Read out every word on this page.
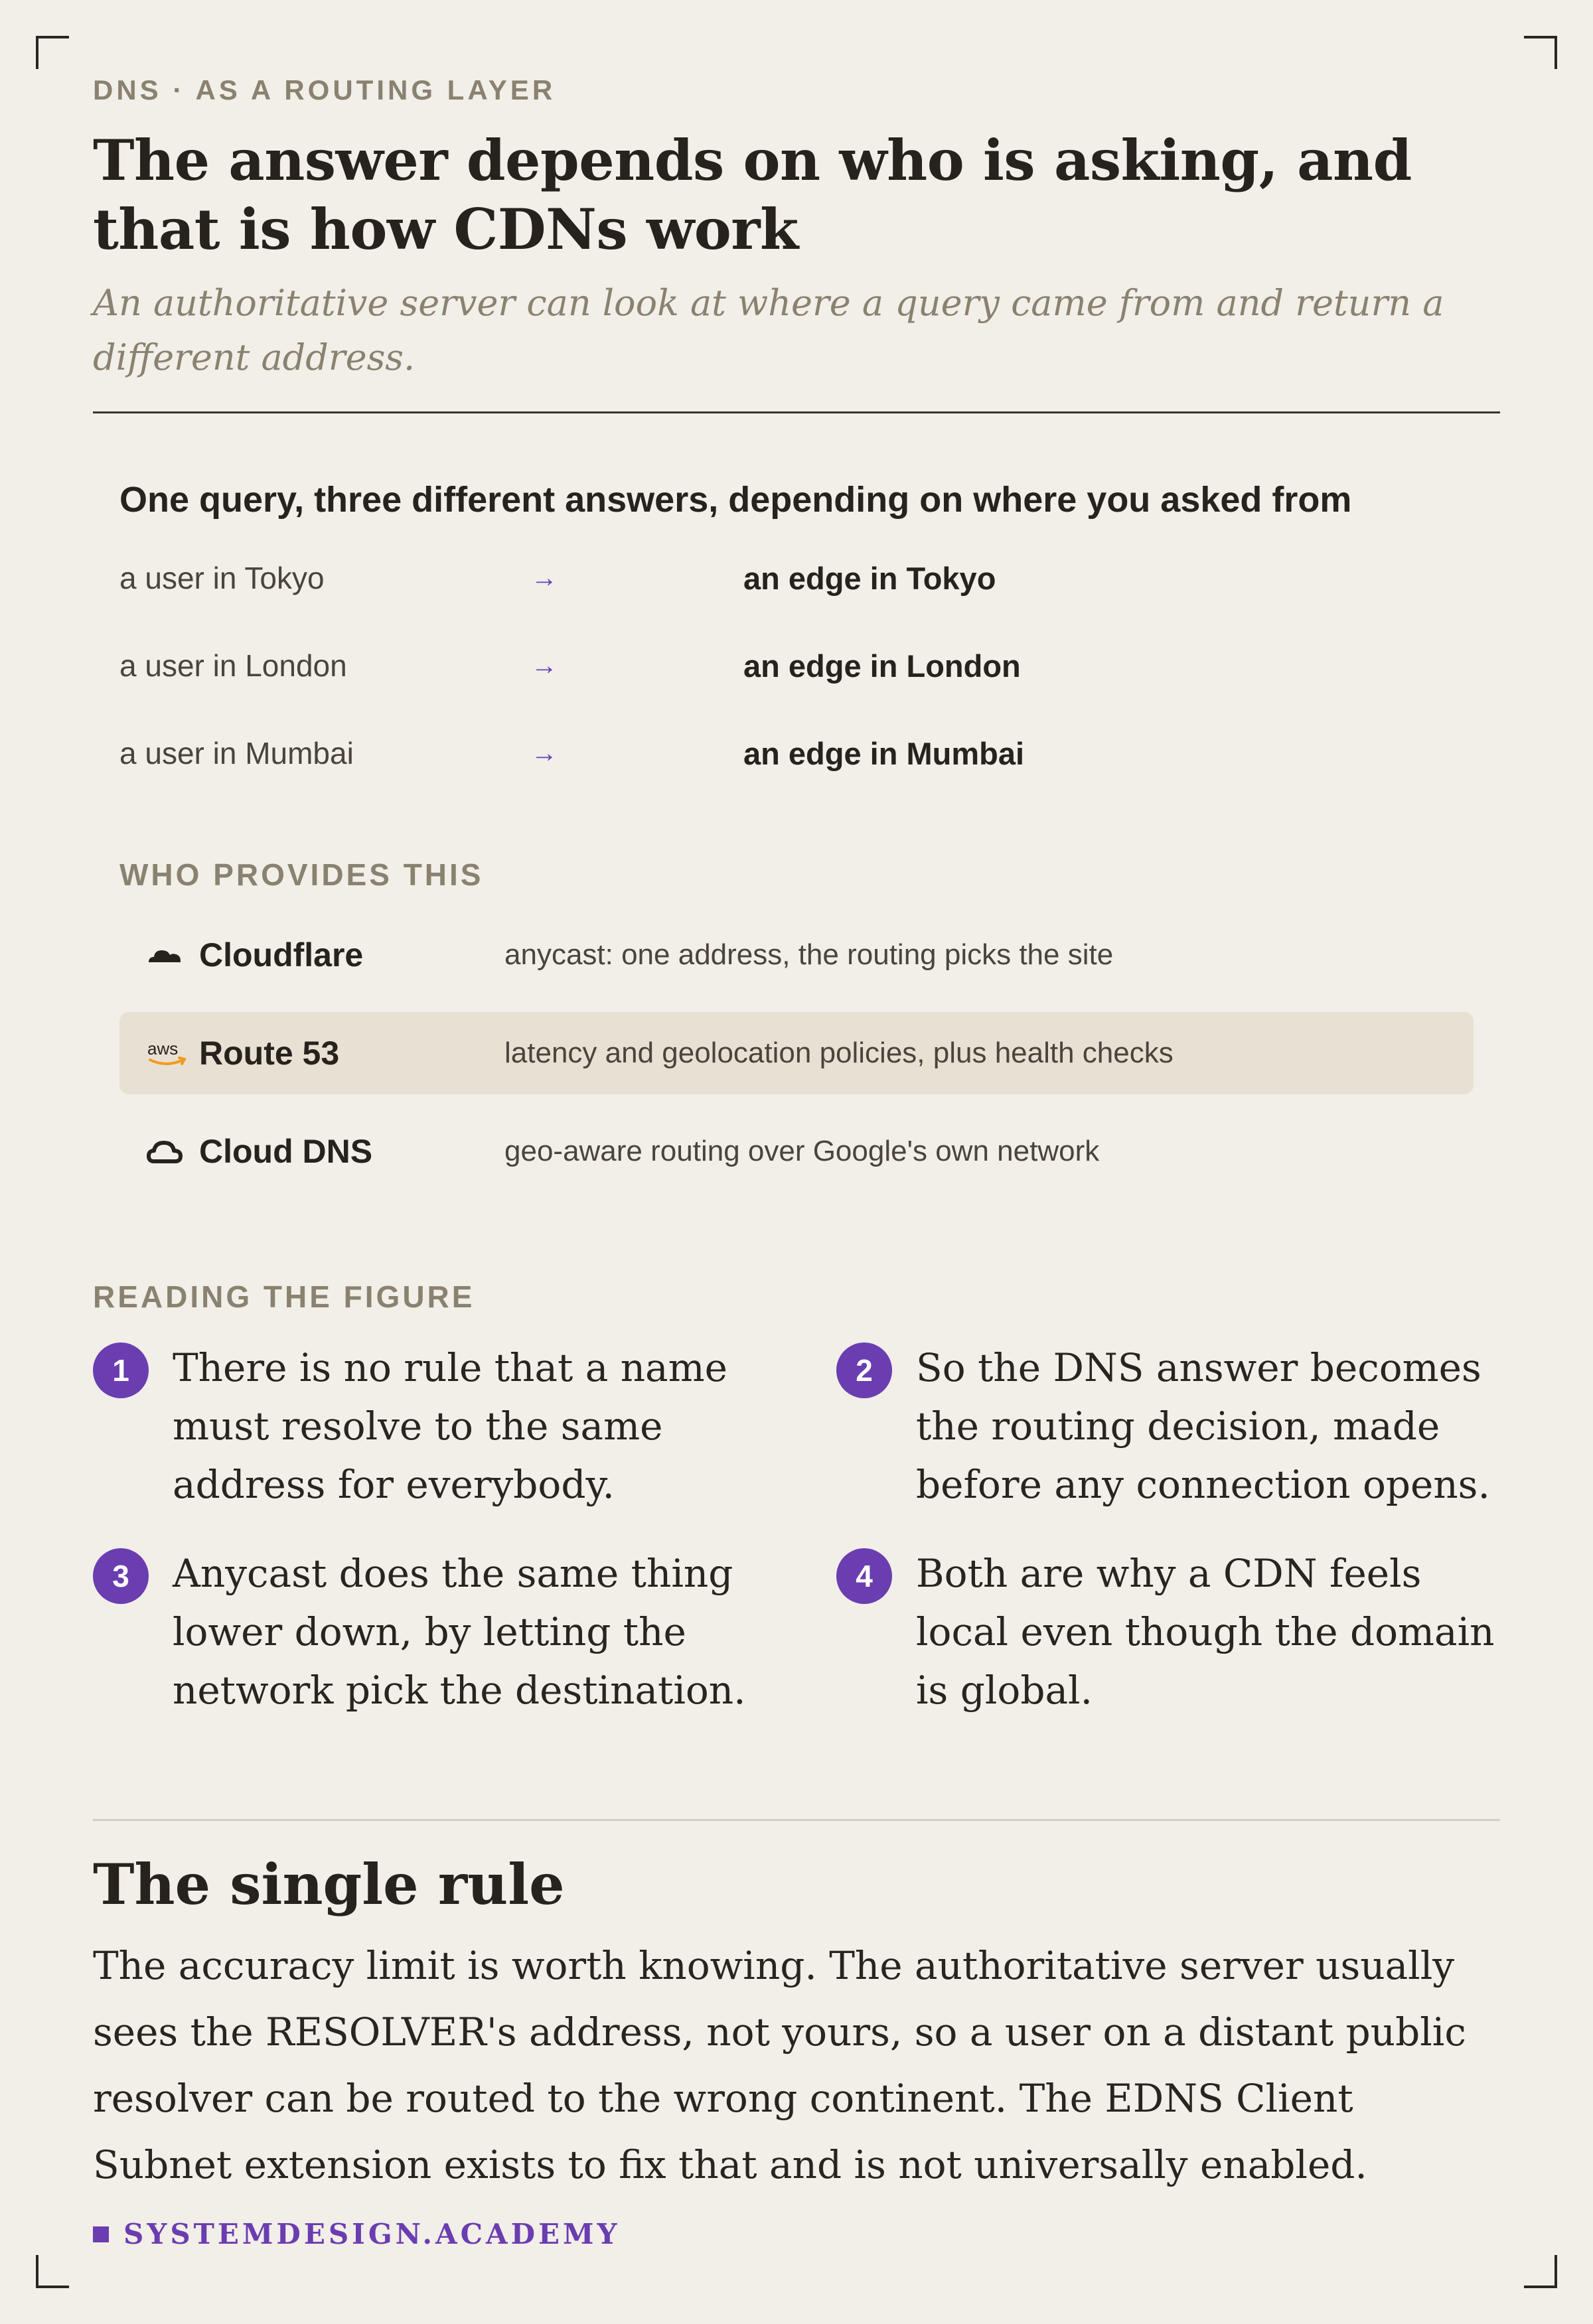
DNS · AS A ROUTING LAYER
The answer depends on who is asking, and that is how CDNs work
An authoritative server can look at where a query came from and return a different address.
One query, three different answers, depending on where you asked from
a user in Tokyo	→	an edge in Tokyo
a user in London	→	an edge in London
a user in Mumbai	→	an edge in Mumbai
WHO PROVIDES THIS
Cloudflare	anycast: one address, the routing picks the site
aws Route 53	latency and geolocation policies, plus health checks
Cloud DNS	geo-aware routing over Google's own network
READING THE FIGURE
1	There is no rule that a name must resolve to the same address for everybody.
2	So the DNS answer becomes the routing decision, made before any connection opens.
3	Anycast does the same thing lower down, by letting the network pick the destination.
4	Both are why a CDN feels local even though the domain is global.
The single rule
The accuracy limit is worth knowing. The authoritative server usually sees the RESOLVER's address, not yours, so a user on a distant public resolver can be routed to the wrong continent. The EDNS Client Subnet extension exists to fix that and is not universally enabled.
SYSTEMDESIGN.ACADEMY
